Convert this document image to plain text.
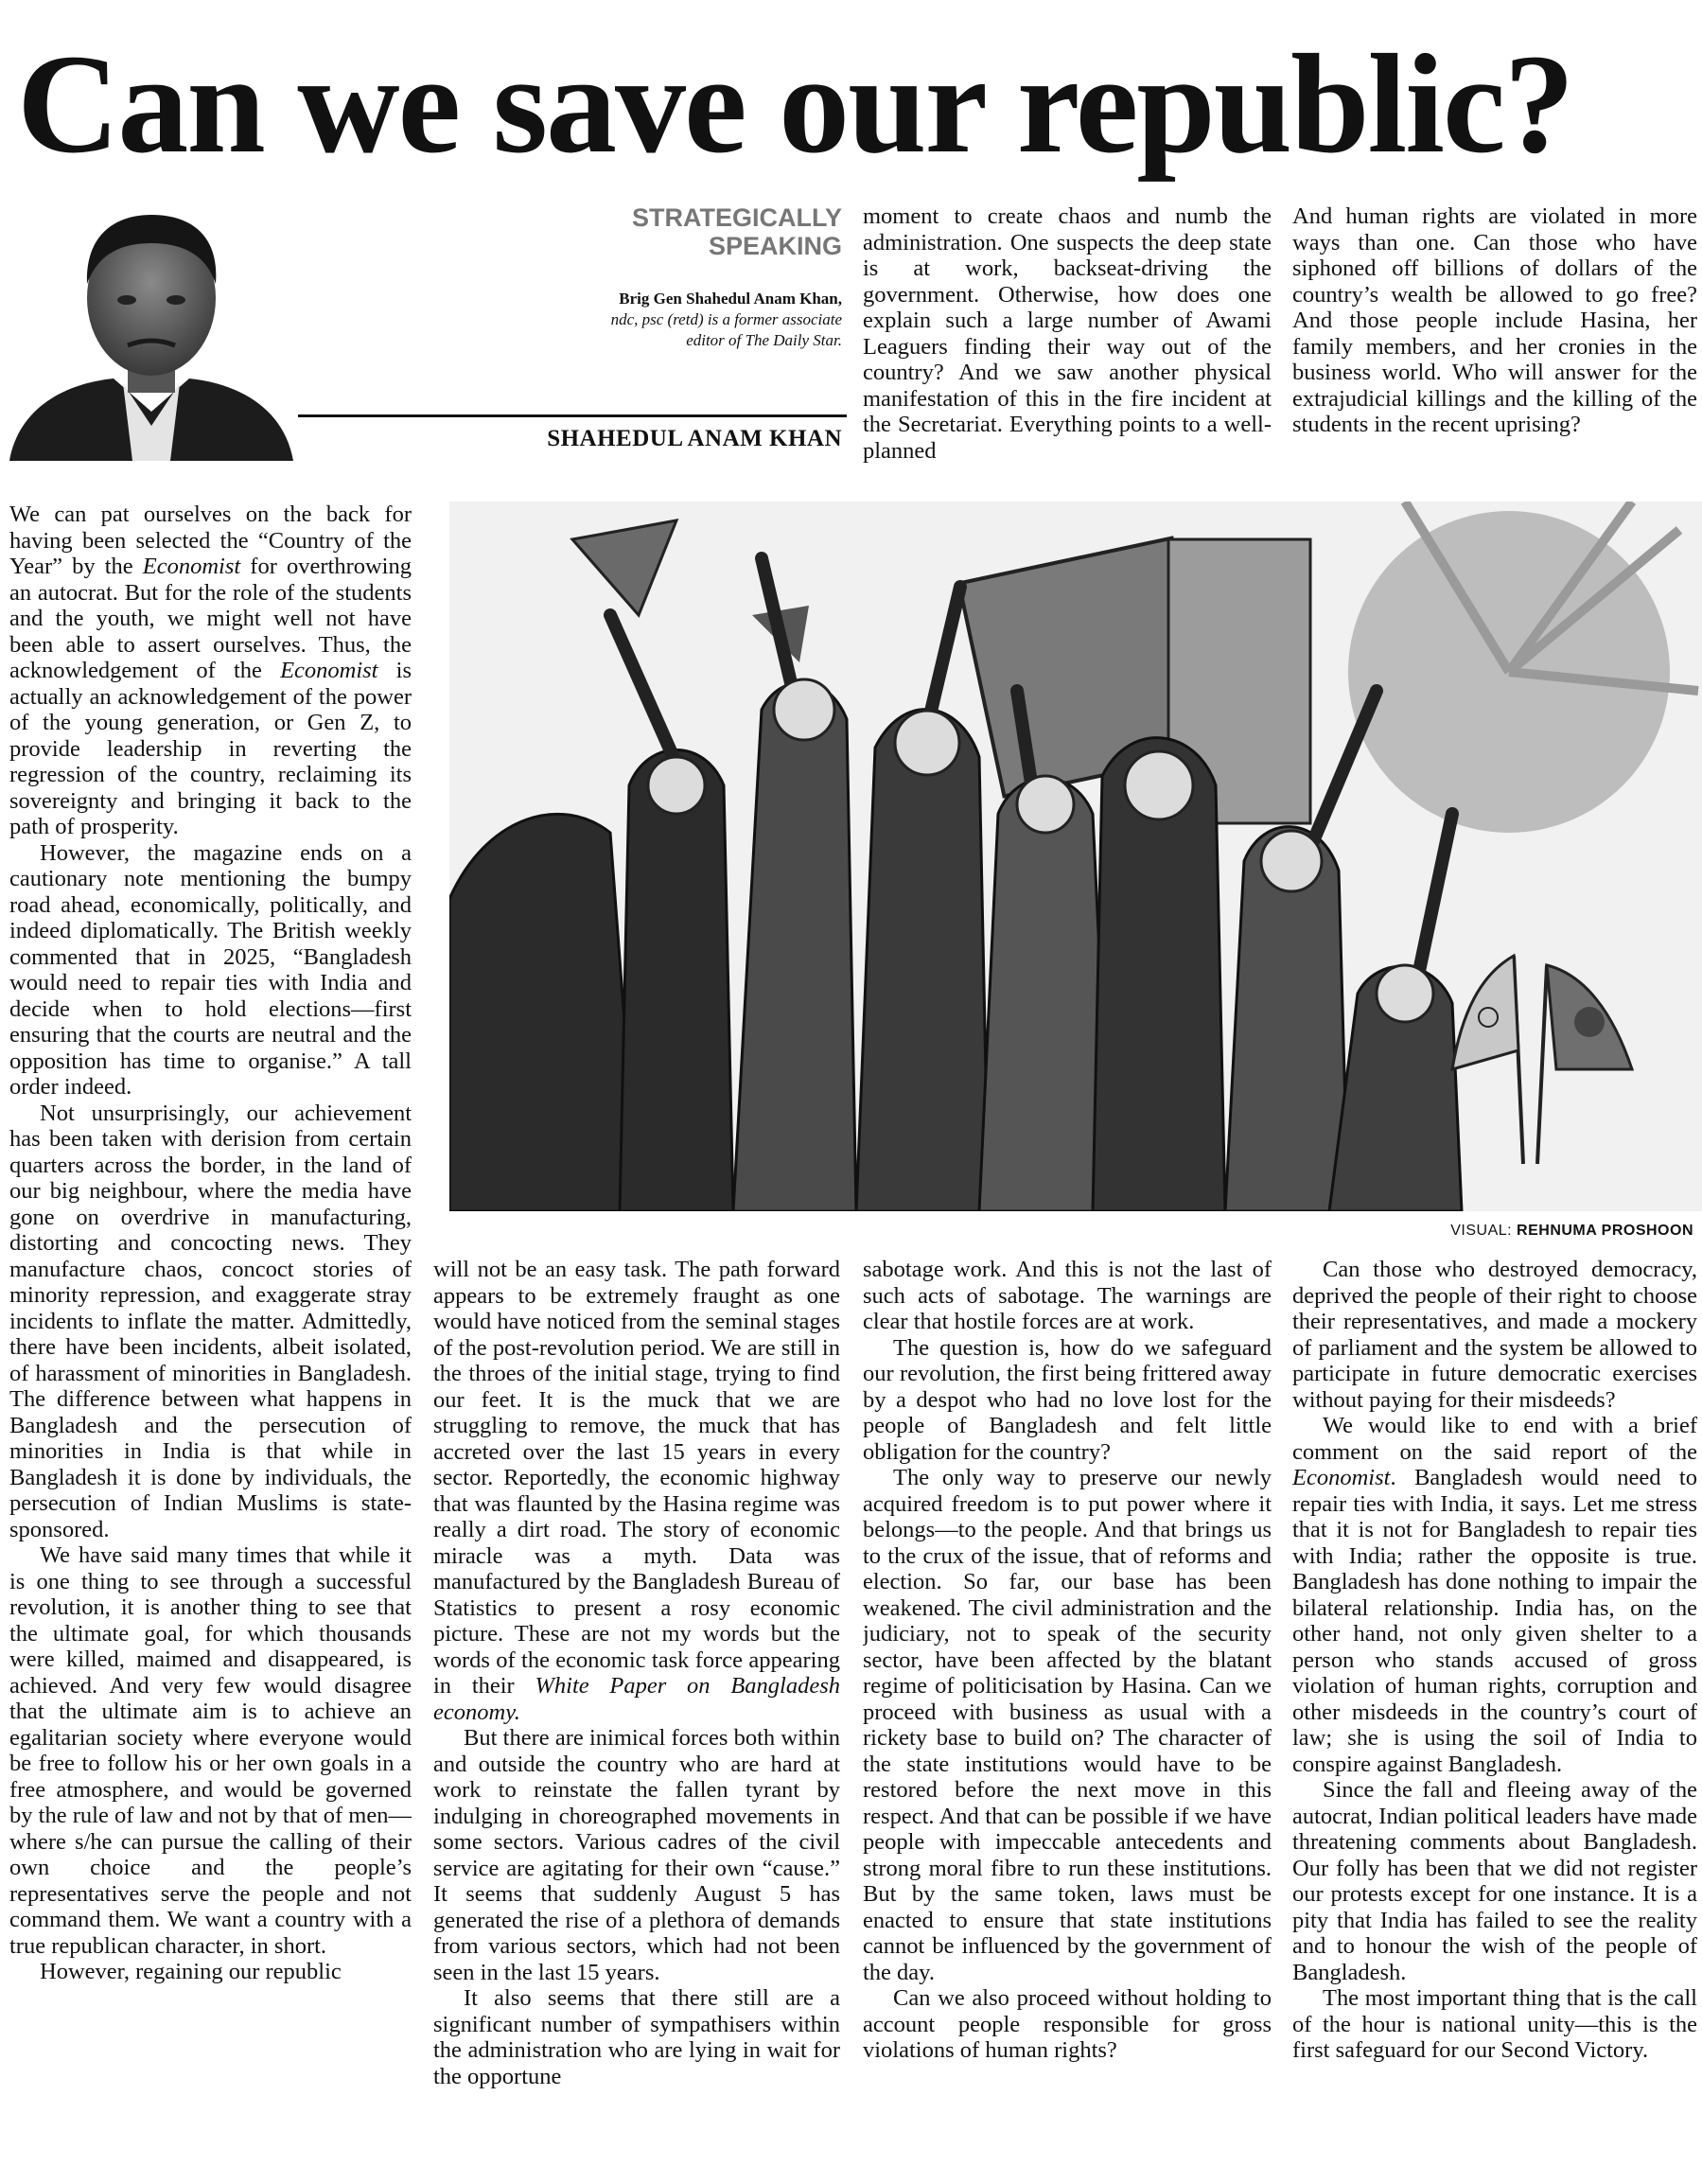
Can we save our republic?
STRATEGICALLY
SPEAKING
Brig Gen Shahedul Anam Khan,
ndc, psc (retd) is a former associate
editor of The Daily Star.
SHAHEDUL ANAM KHAN

moment to create chaos and numb the administration. One suspects the deep state is at work, backseat-driving the government. Otherwise, how does one explain such a large number of Awami Leaguers finding their way out of the country? And we saw another physical manifestation of this in the fire incident at the Secretariat. Everything points to a well-planned

And human rights are violated in more ways than one. Can those who have siphoned off billions of dollars of the country’s wealth be allowed to go free? And those people include Hasina, her family members, and her cronies in the business world. Who will answer for the extrajudicial killings and the killing of the students in the recent uprising?

We can pat ourselves on the back for having been selected the “Country of the Year” by the Economist for overthrowing an autocrat. But for the role of the students and the youth, we might well not have been able to assert ourselves. Thus, the acknowledgement of the Economist is actually an acknowledgement of the power of the young generation, or Gen Z, to provide leadership in reverting the regression of the country, reclaiming its sovereignty and bringing it back to the path of prosperity.

However, the magazine ends on a cautionary note mentioning the bumpy road ahead, economically, politically, and indeed diplomatically. The British weekly commented that in 2025, “Bangladesh would need to repair ties with India and decide when to hold elections—first ensuring that the courts are neutral and the opposition has time to organise.” A tall order indeed.

Not unsurprisingly, our achievement has been taken with derision from certain quarters across the border, in the land of our big neighbour, where the media have gone on overdrive in manufacturing, distorting and concocting news. They manufacture chaos, concoct stories of minority repression, and exaggerate stray incidents to inflate the matter. Admittedly, there have been incidents, albeit isolated, of harassment of minorities in Bangladesh. The difference between what happens in Bangladesh and the persecution of minorities in India is that while in Bangladesh it is done by individuals, the persecution of Indian Muslims is state-sponsored.

We have said many times that while it is one thing to see through a successful revolution, it is another thing to see that the ultimate goal, for which thousands were killed, maimed and disappeared, is achieved. And very few would disagree that the ultimate aim is to achieve an egalitarian society where everyone would be free to follow his or her own goals in a free atmosphere, and would be governed by the rule of law and not by that of men—where s/he can pursue the calling of their own choice and the people’s representatives serve the people and not command them. We want a country with a true republican character, in short.

However, regaining our republic

VISUAL: REHNUMA PROSHOON

will not be an easy task. The path forward appears to be extremely fraught as one would have noticed from the seminal stages of the post-revolution period. We are still in the throes of the initial stage, trying to find our feet. It is the muck that we are struggling to remove, the muck that has accreted over the last 15 years in every sector. Reportedly, the economic highway that was flaunted by the Hasina regime was really a dirt road. The story of economic miracle was a myth. Data was manufactured by the Bangladesh Bureau of Statistics to present a rosy economic picture. These are not my words but the words of the economic task force appearing in their White Paper on Bangladesh economy.

But there are inimical forces both within and outside the country who are hard at work to reinstate the fallen tyrant by indulging in choreographed movements in some sectors. Various cadres of the civil service are agitating for their own “cause.” It seems that suddenly August 5 has generated the rise of a plethora of demands from various sectors, which had not been seen in the last 15 years.

It also seems that there still are a significant number of sympathisers within the administration who are lying in wait for the opportune

sabotage work. And this is not the last of such acts of sabotage. The warnings are clear that hostile forces are at work.

The question is, how do we safeguard our revolution, the first being frittered away by a despot who had no love lost for the people of Bangladesh and felt little obligation for the country?

The only way to preserve our newly acquired freedom is to put power where it belongs—to the people. And that brings us to the crux of the issue, that of reforms and election. So far, our base has been weakened. The civil administration and the judiciary, not to speak of the security sector, have been affected by the blatant regime of politicisation by Hasina. Can we proceed with business as usual with a rickety base to build on? The character of the state institutions would have to be restored before the next move in this respect. And that can be possible if we have people with impeccable antecedents and strong moral fibre to run these institutions. But by the same token, laws must be enacted to ensure that state institutions cannot be influenced by the government of the day.

Can we also proceed without holding to account people responsible for gross violations of human rights?

Can those who destroyed democracy, deprived the people of their right to choose their representatives, and made a mockery of parliament and the system be allowed to participate in future democratic exercises without paying for their misdeeds?

We would like to end with a brief comment on the said report of the Economist. Bangladesh would need to repair ties with India, it says. Let me stress that it is not for Bangladesh to repair ties with India; rather the opposite is true. Bangladesh has done nothing to impair the bilateral relationship. India has, on the other hand, not only given shelter to a person who stands accused of gross violation of human rights, corruption and other misdeeds in the country’s court of law; she is using the soil of India to conspire against Bangladesh.

Since the fall and fleeing away of the autocrat, Indian political leaders have made threatening comments about Bangladesh. Our folly has been that we did not register our protests except for one instance. It is a pity that India has failed to see the reality and to honour the wish of the people of Bangladesh.

The most important thing that is the call of the hour is national unity—this is the first safeguard for our Second Victory.
